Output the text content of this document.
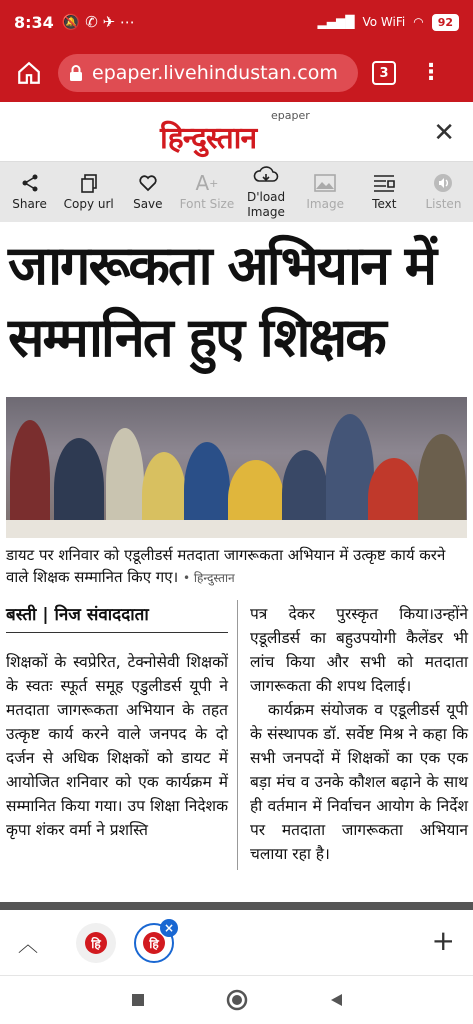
8:34 🔕 ✆ ✈ ⋯	▂▄▆█ Vo WiFi ◠	92
epaper.livehindustan.com	3	⋮
epaper
हिन्दुस्तान	✕
Share Copy url Save
A +
Font Size
D'load Image
Image Text Listen
जागरूकता अभियान में
सम्मानित हुए शिक्षक
डायट पर शनिवार को एडूलीडर्स मतदाता जागरूकता अभियान में उत्कृष्ट कार्य करने वाले शिक्षक सम्मानित किए गए। • हिन्दुस्तान
बस्ती | निज संवाददाता

शिक्षकों के स्वप्रेरित, टेक्नोसेवी शिक्षकों के स्वतः स्फूर्त समूह एडुलीडर्स यूपी ने मतदाता जागरूकता अभियान के तहत उत्कृष्ट कार्य करने वाले जनपद के दो दर्जन से अधिक शिक्षकों को डायट में आयोजित शनिवार को एक कार्यक्रम में सम्मानित किया गया। उप शिक्षा निदेशक कृपा शंकर वर्मा ने प्रशस्ति

पत्र देकर पुरस्कृत किया।उन्होंने एडूलीडर्स का बहुउपयोगी कैलेंडर भी लांच किया और सभी को मतदाता जागरूकता की शपथ दिलाई।

कार्यक्रम संयोजक व एडूलीडर्स यूपी के संस्थापक डॉ. सर्वेष्ट मिश्र ने कहा कि सभी जनपदों में शिक्षकों का एक एक बड़ा मंच व उनके कौशल बढ़ाने के साथ ही वर्तमान में निर्वाचन आयोग के निर्देश पर मतदाता जागरूकता अभियान चलाया रहा है।

︿	हि	हि
×	+
